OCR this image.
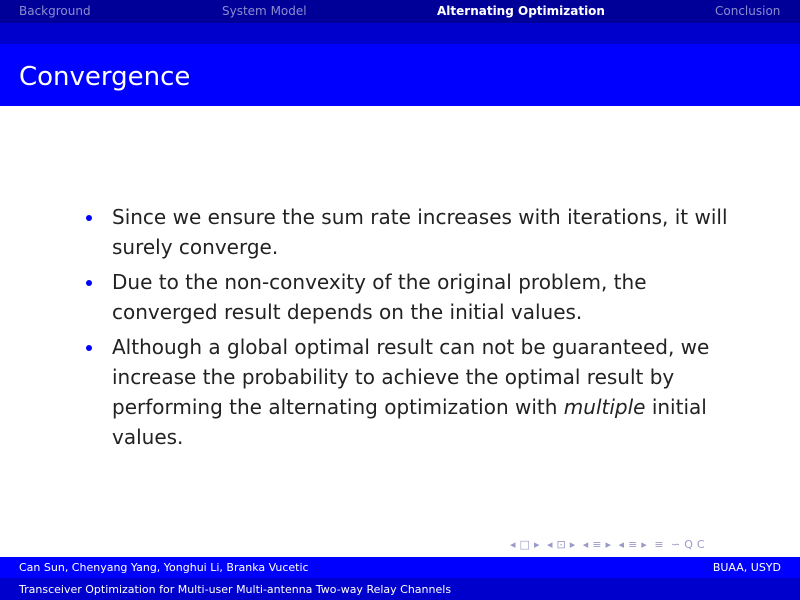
Background	System Model	Alternating Optimization	Conclusion
Convergence
Since we ensure the sum rate increases with iterations, it will surely converge.
Due to the non-convexity of the original problem, the converged result depends on the initial values.
Although a global optimal result can not be guaranteed, we increase the probability to achieve the optimal result by performing the alternating optimization with multiple initial values.
◂ □ ▸ ◂ ⊡ ▸ ◂ ≡ ▸ ◂ ≡ ▸ ≡ ∽ Q C
Can Sun, Chenyang Yang, Yonghui Li, Branka Vucetic	BUAA, USYD
Transceiver Optimization for Multi-user Multi-antenna Two-way Relay Channels
